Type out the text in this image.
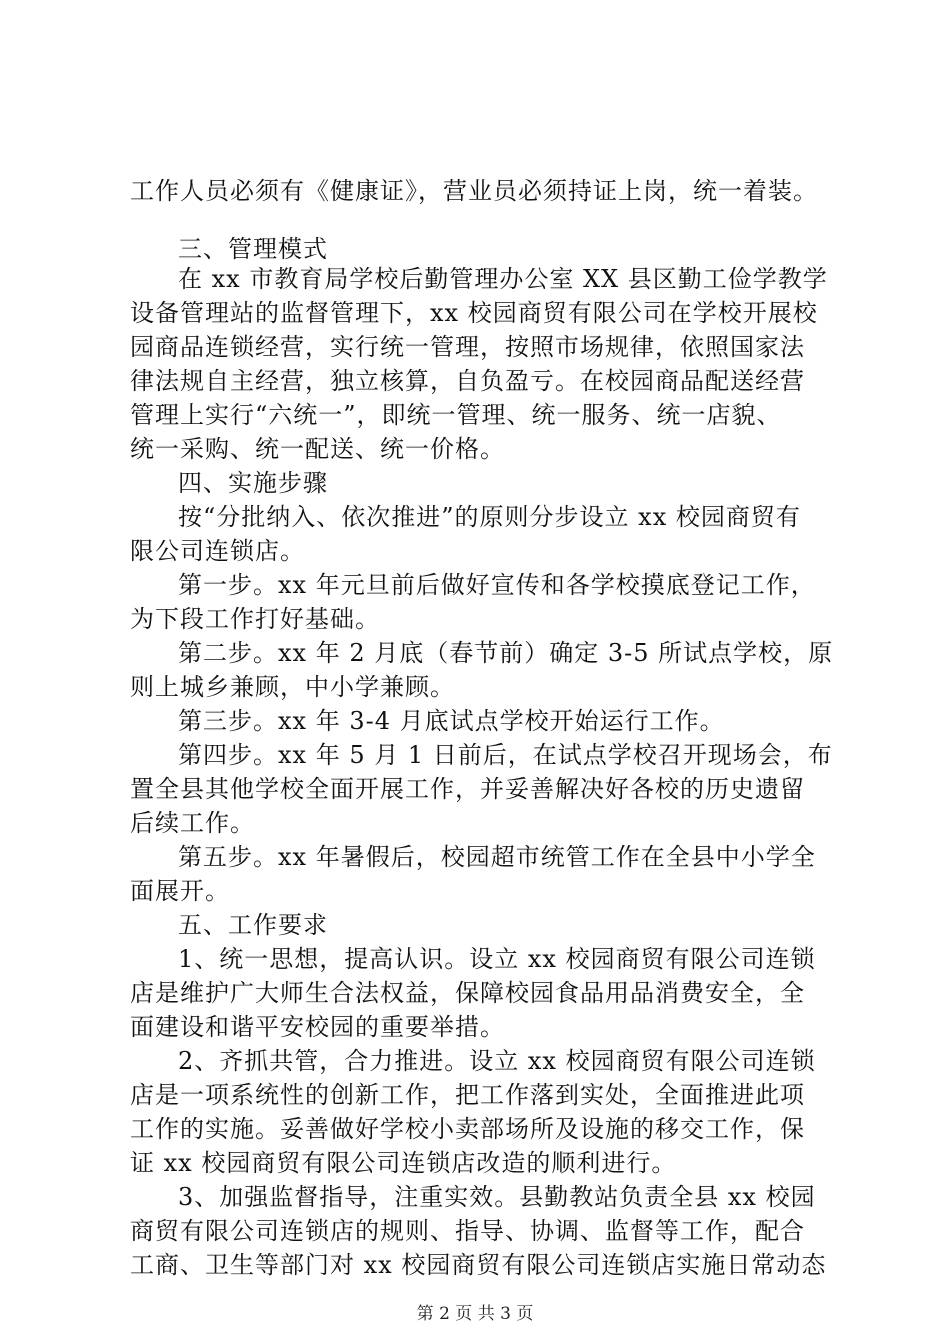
工作人员必须有《健康证》，营业员必须持证上岗，统一着装。
三、管理模式
在 xx 市教育局学校后勤管理办公室 XX 县区勤工俭学教学
设备管理站的监督管理下，xx 校园商贸有限公司在学校开展校
园商品连锁经营，实行统一管理，按照市场规律，依照国家法
律法规自主经营，独立核算，自负盈亏。在校园商品配送经营
管理上实行“六统一”，即统一管理、统一服务、统一店貌、
统一采购、统一配送、统一价格。
四、实施步骤
按“分批纳入、依次推进”的原则分步设立 xx 校园商贸有
限公司连锁店。
第一步。xx 年元旦前后做好宣传和各学校摸底登记工作，
为下段工作打好基础。
第二步。xx 年 2 月底（春节前）确定 3-5 所试点学校，原
则上城乡兼顾，中小学兼顾。
第三步。xx 年 3-4 月底试点学校开始运行工作。
第四步。xx 年 5 月 1 日前后，在试点学校召开现场会，布
置全县其他学校全面开展工作，并妥善解决好各校的历史遗留
后续工作。
第五步。xx 年暑假后，校园超市统管工作在全县中小学全
面展开。
五、工作要求
1、统一思想，提高认识。设立 xx 校园商贸有限公司连锁
店是维护广大师生合法权益，保障校园食品用品消费安全，全
面建设和谐平安校园的重要举措。
2、齐抓共管，合力推进。设立 xx 校园商贸有限公司连锁
店是一项系统性的创新工作，把工作落到实处，全面推进此项
工作的实施。妥善做好学校小卖部场所及设施的移交工作，保
证 xx 校园商贸有限公司连锁店改造的顺利进行。
3、加强监督指导，注重实效。县勤教站负责全县 xx 校园
商贸有限公司连锁店的规则、指导、协调、监督等工作，配合
工商、卫生等部门对 xx 校园商贸有限公司连锁店实施日常动态
第 2 页 共 3 页
